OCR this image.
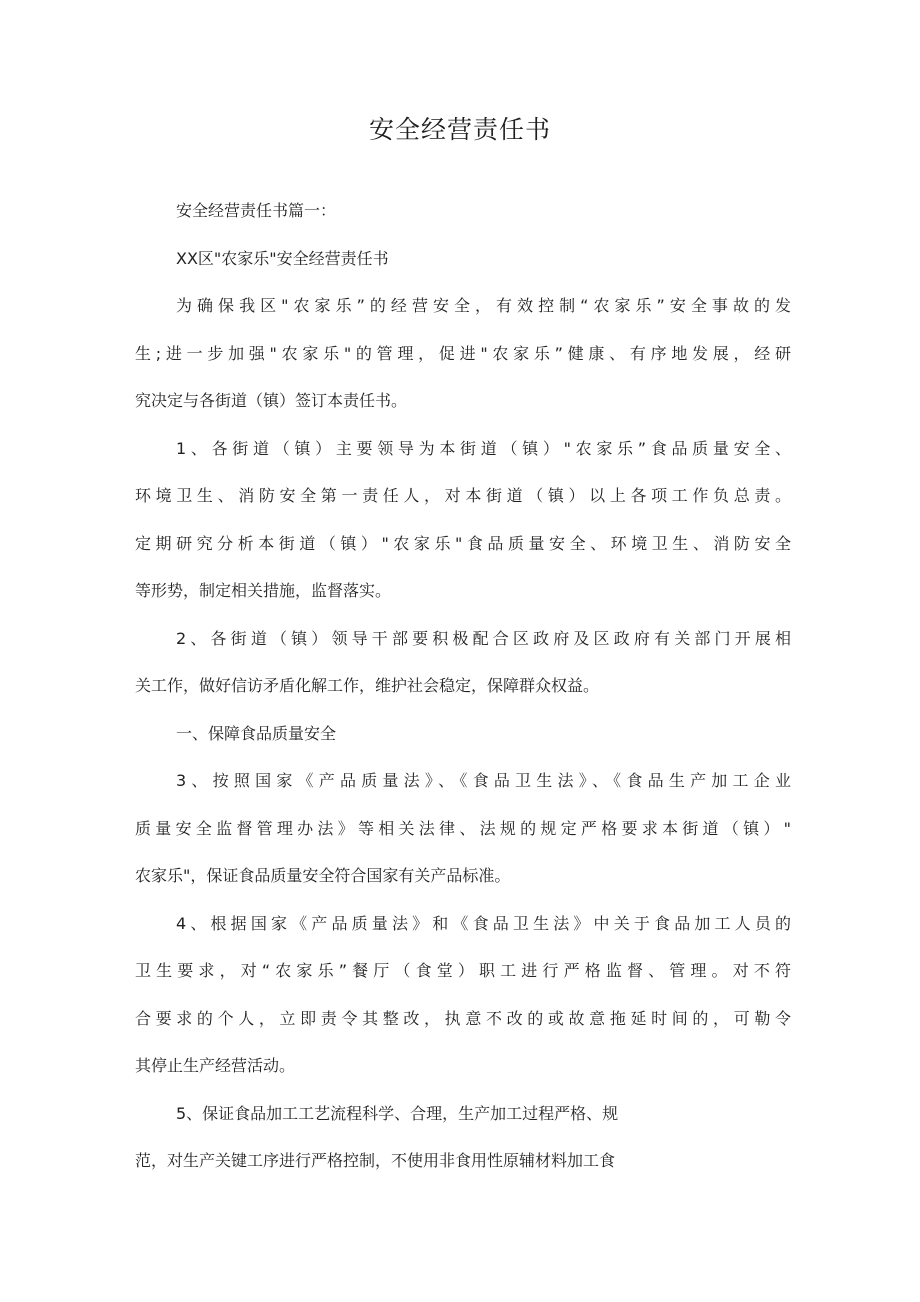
安全经营责任书
安全经营责任书篇一：
XX区"农家乐"安全经营责任书
为确保我区"农家乐”的经营安全，有效控制“农家乐”安全事故的发
生;进一步加强"农家乐"的管理，促进"农家乐”健康、有序地发展，经研
究决定与各街道（镇）签订本责任书。
1、各街道（镇）主要领导为本街道（镇）"农家乐”食品质量安全、
环境卫生、消防安全第一责任人，对本街道（镇）以上各项工作负总责。
定期研究分析本街道（镇）"农家乐"食品质量安全、环境卫生、消防安全
等形势，制定相关措施，监督落实。
2、各街道（镇）领导干部要积极配合区政府及区政府有关部门开展相
关工作，做好信访矛盾化解工作，维护社会稳定，保障群众权益。
一、保障食品质量安全
3、按照国家《产品质量法》、《食品卫生法》、《食品生产加工企业
质量安全监督管理办法》等相关法律、法规的规定严格要求本街道（镇）"
农家乐"，保证食品质量安全符合国家有关产品标准。
4、根据国家《产品质量法》和《食品卫生法》中关于食品加工人员的
卫生要求，对“农家乐”餐厅（食堂）职工进行严格监督、管理。对不符
合要求的个人，立即责令其整改，执意不改的或故意拖延时间的，可勒令
其停止生产经营活动。
5、保证食品加工工艺流程科学、合理，生产加工过程严格、规
范，对生产关键工序进行严格控制，不使用非食用性原辅材料加工食
